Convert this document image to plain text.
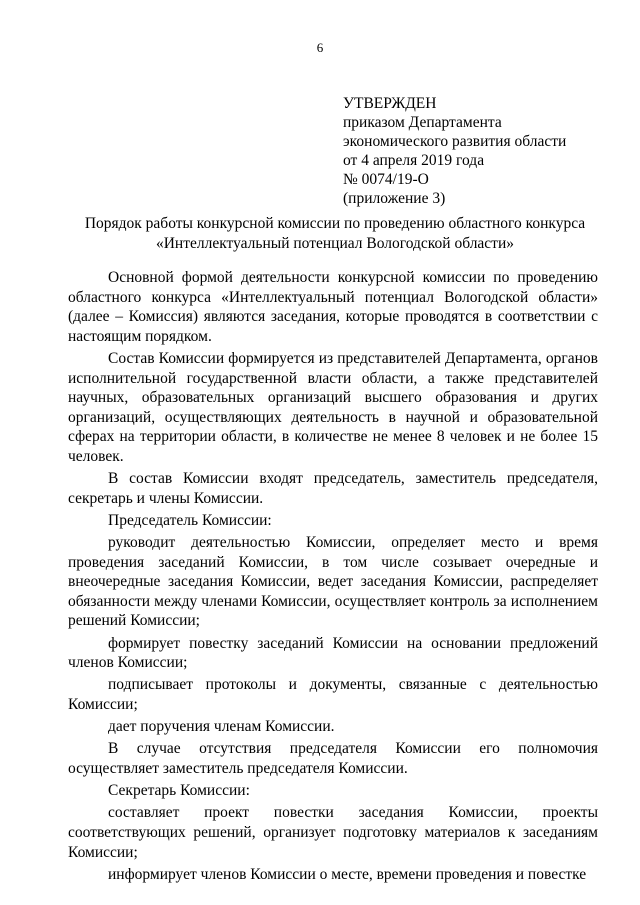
6
УТВЕРЖДЕН
приказом Департамента
экономического развития области
от 4 апреля 2019 года
№ 0074/19-О
(приложение 3)
Порядок работы конкурсной комиссии по проведению областного конкурса
«Интеллектуальный потенциал Вологодской области»

Основной формой деятельности конкурсной комиссии по проведению областного конкурса «Интеллектуальный потенциал Вологодской области» (далее – Комиссия) являются заседания, которые проводятся в соответствии с настоящим порядком.

Состав Комиссии формируется из представителей Департамента, органов исполнительной государственной власти области, а также представителей научных, образовательных организаций высшего образования и других организаций, осуществляющих деятельность в научной и образовательной сферах на территории области, в количестве не менее 8 человек и не более 15 человек.

В состав Комиссии входят председатель, заместитель председателя, секретарь и члены Комиссии.

Председатель Комиссии:

руководит деятельностью Комиссии, определяет место и время проведения заседаний Комиссии, в том числе созывает очередные и внеочередные заседания Комиссии, ведет заседания Комиссии, распределяет обязанности между членами Комиссии, осуществляет контроль за исполнением решений Комиссии;

формирует повестку заседаний Комиссии на основании предложений членов Комиссии;

подписывает протоколы и документы, связанные с деятельностью Комиссии;

дает поручения членам Комиссии.

В случае отсутствия председателя Комиссии его полномочия осуществляет заместитель председателя Комиссии.

Секретарь Комиссии:

составляет проект повестки заседания Комиссии, проекты соответствующих решений, организует подготовку материалов к заседаниям Комиссии;

информирует членов Комиссии о месте, времени проведения и повестке
